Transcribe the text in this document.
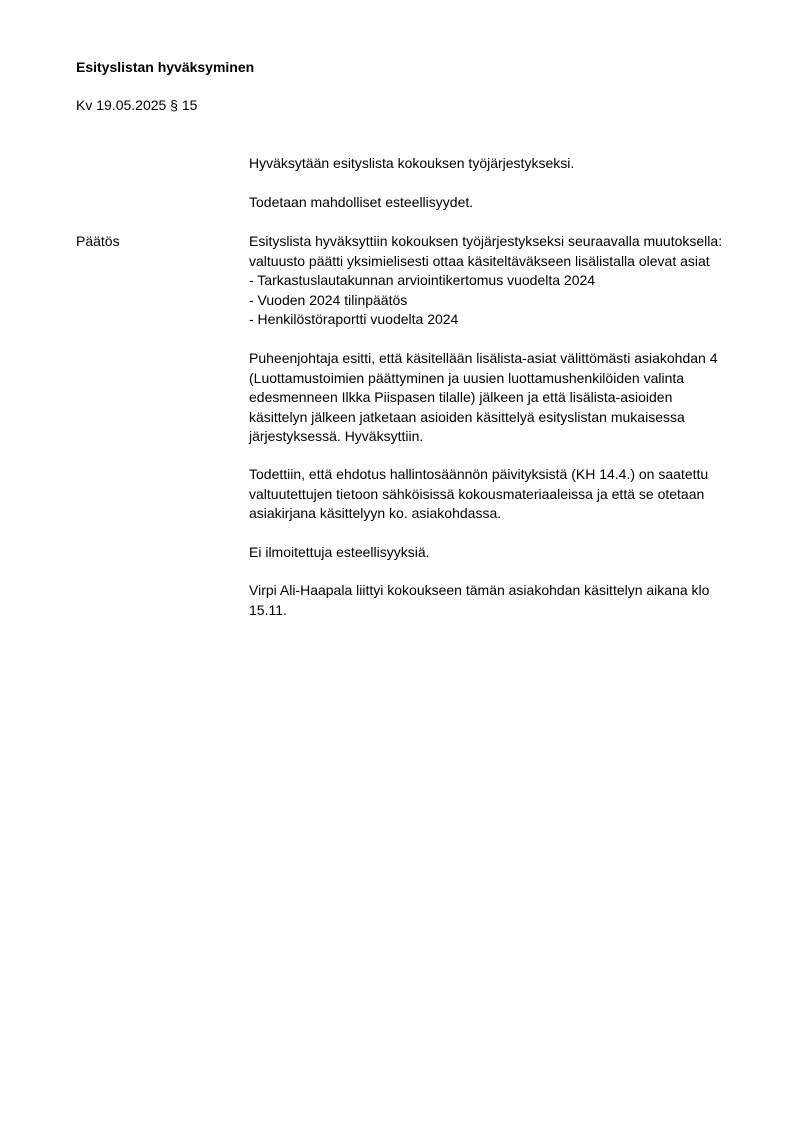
Esityslistan hyväksyminen
Kv 19.05.2025 § 15
Hyväksytään esityslista kokouksen työjärjestykseksi.
Todetaan mahdolliset esteellisyydet.
Päätös	Esityslista hyväksyttiin kokouksen työjärjestykseksi seuraavalla muutoksella:
valtuusto päätti yksimielisesti ottaa käsiteltäväkseen lisälistalla olevat asiat
- Tarkastuslautakunnan arviointikertomus vuodelta 2024
- Vuoden 2024 tilinpäätös
- Henkilöstöraportti vuodelta 2024
Puheenjohtaja esitti, että käsitellään lisälista-asiat välittömästi asiakohdan 4
(Luottamustoimien päättyminen ja uusien luottamushenkilöiden valinta
edesmenneen Ilkka Piispasen tilalle) jälkeen ja että lisälista-asioiden
käsittelyn jälkeen jatketaan asioiden käsittelyä esityslistan mukaisessa
järjestyksessä. Hyväksyttiin.
Todettiin, että ehdotus hallintosäännön päivityksistä (KH 14.4.) on saatettu
valtuutettujen tietoon sähköisissä kokousmateriaaleissa ja että se otetaan
asiakirjana käsittelyyn ko. asiakohdassa.
Ei ilmoitettuja esteellisyyksiä.
Virpi Ali-Haapala liittyi kokoukseen tämän asiakohdan käsittelyn aikana klo
15.11.
